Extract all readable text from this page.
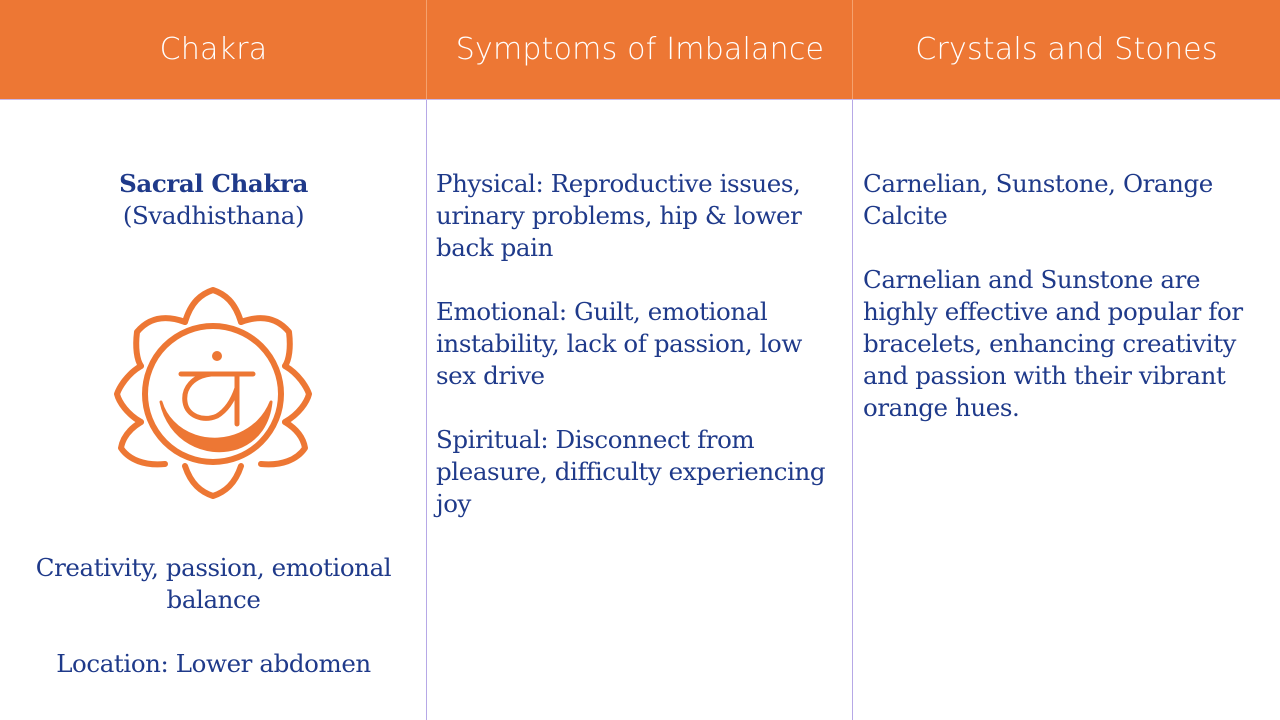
Chakra	Symptoms of Imbalance	Crystals and Stones

Sacral Chakra

(Svadhisthana)

Creativity, passion, emotional balance

Location: Lower abdomen

Physical: Reproductive issues, urinary problems, hip & lower back pain

Emotional: Guilt, emotional instability, lack of passion, low sex drive

Spiritual: Disconnect from pleasure, difficulty experiencing joy

Carnelian, Sunstone, Orange Calcite

Carnelian and Sunstone are highly effective and popular for bracelets, enhancing creativity and passion with their vibrant orange hues.
